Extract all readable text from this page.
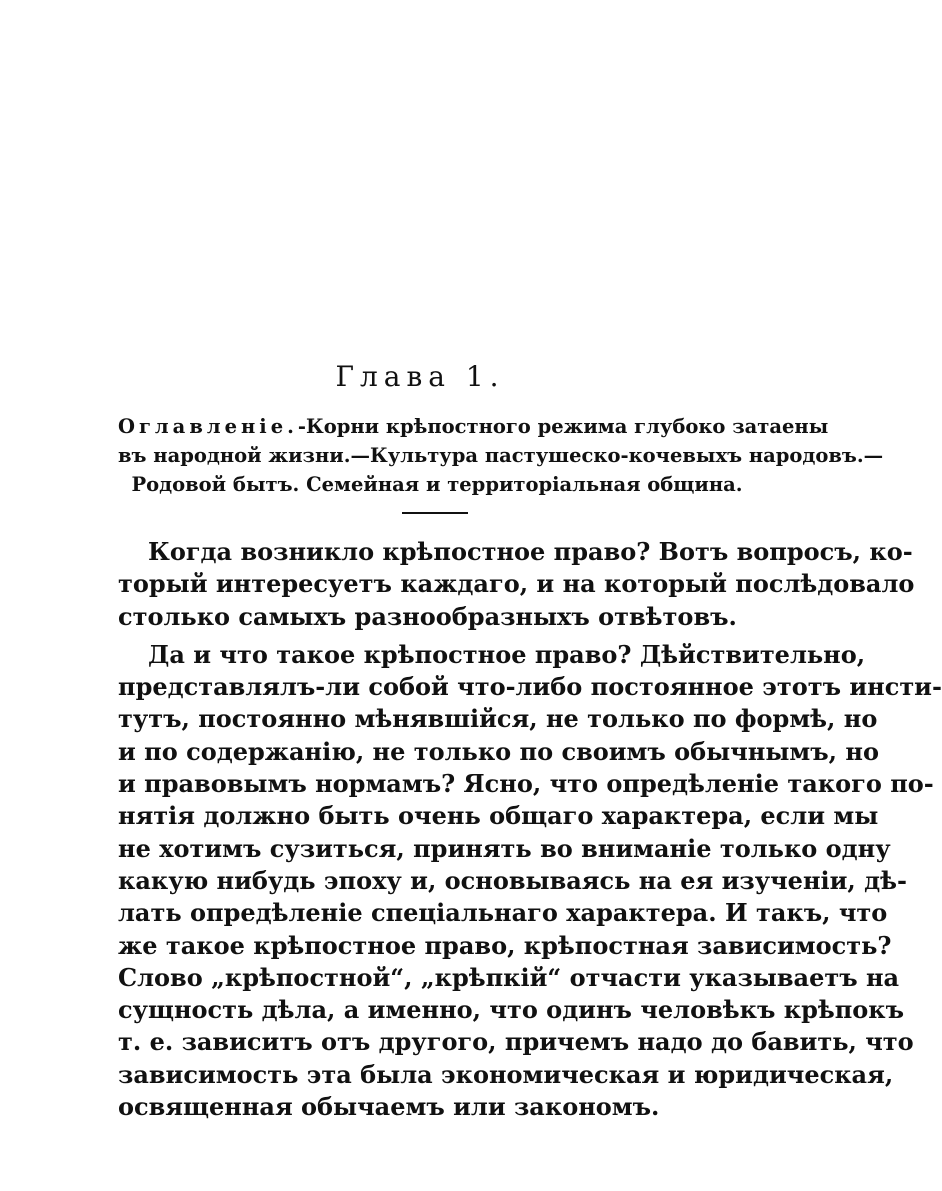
Глава 1.
Оглавленіе.-Корни крѣпостного режима глубоко затаены
въ народной жизни.—Культура пастушеско-кочевыхъ народовъ.—
Родовой бытъ. Семейная и территоріальная община.
Когда возникло крѣпостное право? Вотъ вопросъ, ко-
торый интересуетъ каждаго, и на который послѣдовало
столько самыхъ разнообразныхъ отвѣтовъ.
Да и что такое крѣпостное право? Дѣйствительно,
представлялъ-ли собой что-либо постоянное этотъ инсти-
тутъ, постоянно мѣнявшійся, не только по формѣ, но
и по содержанію, не только по своимъ обычнымъ, но
и правовымъ нормамъ? Ясно, что опредѣленіе такого по-
нятія должно быть очень общаго характера, если мы
не хотимъ сузиться, принять во вниманіе только одну
какую нибудь эпоху и, основываясь на ея изученіи, дѣ-
лать опредѣленіе спеціальнаго характера. И такъ, что
же такое крѣпостное право, крѣпостная зависимость?
Слово „крѣпостной“, „крѣпкій“ отчасти указываетъ на
сущность дѣла, а именно, что одинъ человѣкъ крѣпокъ
т. е. зависитъ отъ другого, причемъ надо до бавить, что
зависимость эта была экономическая и юридическая,
освященная обычаемъ или закономъ.
